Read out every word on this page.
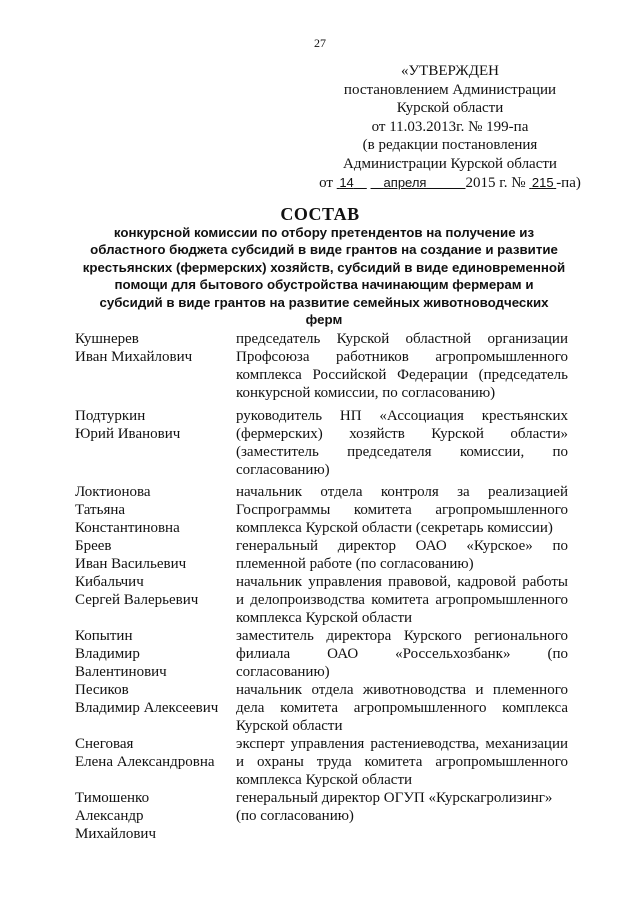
27
«УТВЕРЖДЕН
постановлением Администрации
Курской области
от 11.03.2013г. № 199-па
(в редакции постановления
Администрации Курской области
от   14    апреля   	2015 г. №   215  -па)
СОСТАВ
конкурсной комиссии по отбору претендентов на получение из
областного бюджета субсидий в виде грантов на создание и развитие
крестьянских (фермерских) хозяйств, субсидий в виде единовременной
помощи для бытового обустройства начинающим фермерам и
субсидий в виде грантов на развитие семейных животноводческих
ферм
Кушнерев
Иван Михайлович
председатель Курской областной организации
Профсоюза работников агропромышленного
комплекса Российской Федерации (председатель
конкурсной комиссии, по согласованию)
Подтуркин
Юрий Иванович
руководитель НП «Ассоциация крестьянских
(фермерских) хозяйств Курской области»
(заместитель председателя комиссии, по
согласованию)
Локтионова
Татьяна
Константиновна
начальник отдела контроля за реализацией
Госпрограммы комитета агропромышленного
комплекса Курской области (секретарь комиссии)
Бреев
Иван Васильевич
генеральный директор ОАО «Курское» по
племенной работе (по согласованию)
Кибальчич
Сергей Валерьевич
начальник управления правовой, кадровой работы
и делопроизводства комитета агропромышленного
комплекса Курской области
Копытин
Владимир
Валентинович
заместитель директора Курского регионального
филиала ОАО «Россельхозбанк» (по
согласованию)
Песиков
Владимир Алексеевич
начальник отдела животноводства и племенного
дела комитета агропромышленного комплекса
Курской области
Снеговая
Елена Александровна
эксперт управления растениеводства, механизации
и охраны труда комитета агропромышленного
комплекса Курской области
Тимошенко
Александр
Михайлович
генеральный директор ОГУП «Курскагролизинг»
(по согласованию)
